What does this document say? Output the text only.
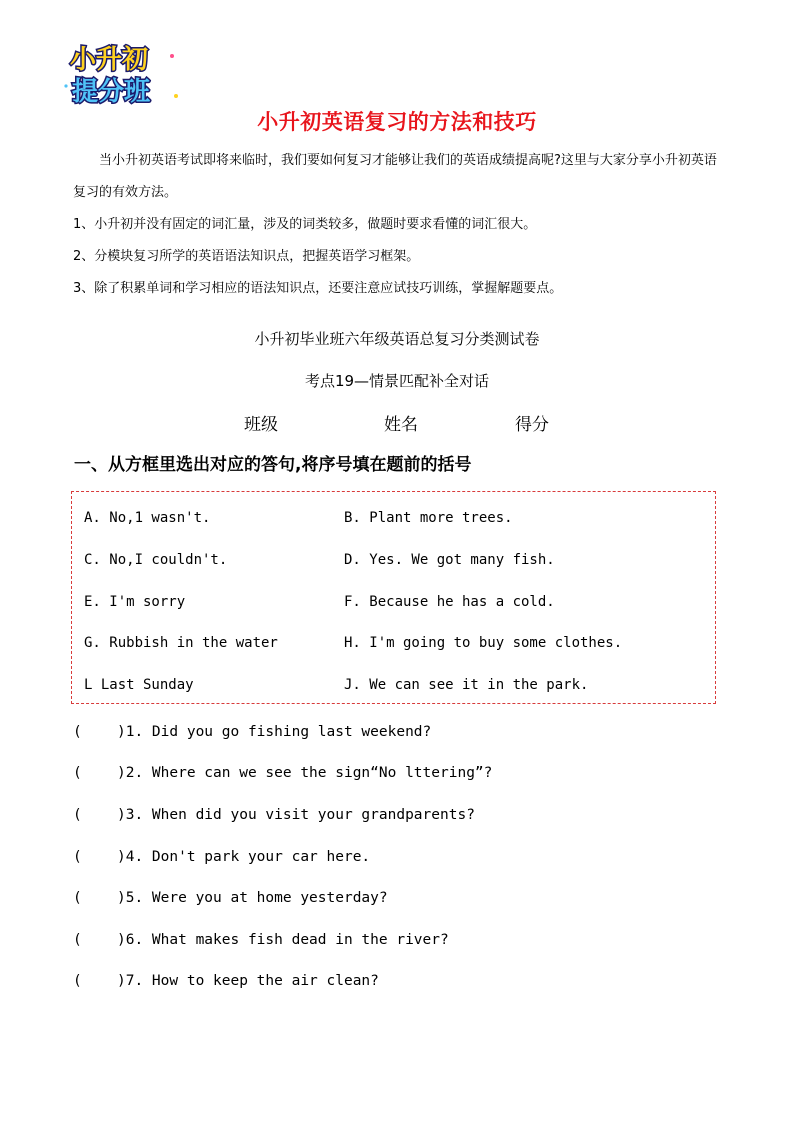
小升初
提分班
小升初英语复习的方法和技巧

当小升初英语考试即将来临时，我们要如何复习才能够让我们的英语成绩提高呢?这里与大家分享小升初英语复习的有效方法。

1、小升初并没有固定的词汇量，涉及的词类较多，做题时要求看懂的词汇很大。

2、分模块复习所学的英语语法知识点，把握英语学习框架。

3、除了积累单词和学习相应的语法知识点，还要注意应试技巧训练，掌握解题要点。

小升初毕业班六年级英语总复习分类测试卷
考点19—情景匹配补全对话
班级	姓名	得分
一、从方框里选出对应的答句,将序号填在题前的括号
A. No,1 wasn't.	B. Plant more trees.
C. No,I couldn't.	D. Yes. We got many fish.
E. I'm sorry	F. Because he has a cold.
G. Rubbish in the water	H. I'm going to buy some clothes.
L Last Sunday	J. We can see it in the park.
( )1. Did you go fishing last weekend?
( )2. Where can we see the sign“No lttering”?
( )3. When did you visit your grandparents?
( )4. Don't park your car here.
( )5. Were you at home yesterday?
( )6. What makes fish dead in the river?
( )7. How to keep the air clean?
